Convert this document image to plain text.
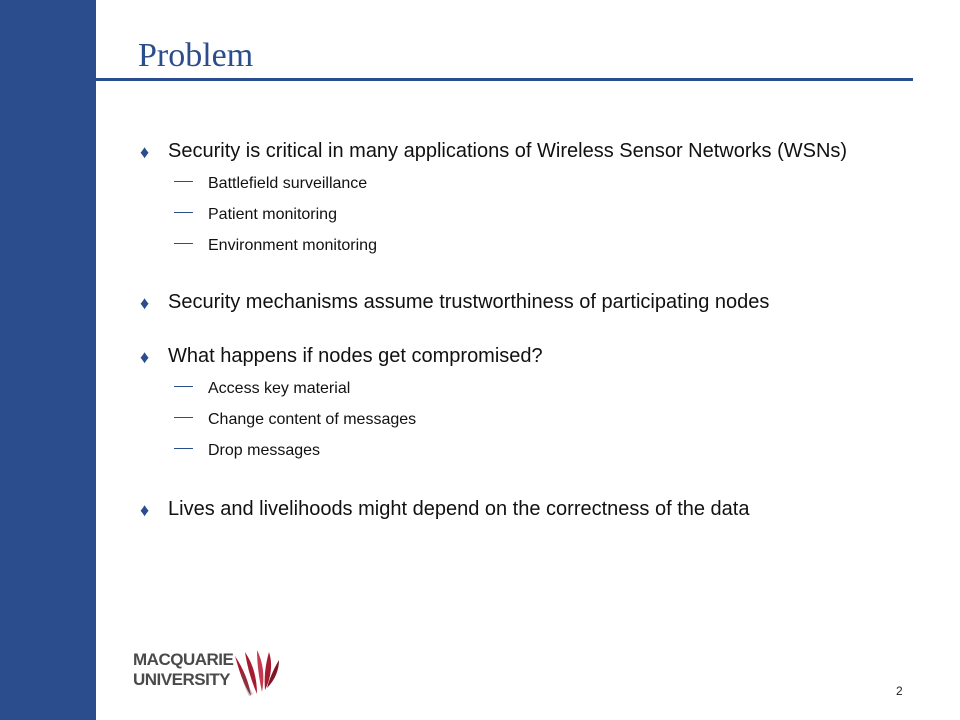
Problem
♦ Security is critical in many applications of Wireless Sensor Networks (WSNs)
Battlefield surveillance
Patient monitoring
Environment monitoring
♦ Security mechanisms assume trustworthiness of participating nodes
♦ What happens if nodes get compromised?
Access key material
Change content of messages
Drop messages
♦ Lives and livelihoods might depend on the correctness of the data
MACQUARIE
UNIVERSITY
2
